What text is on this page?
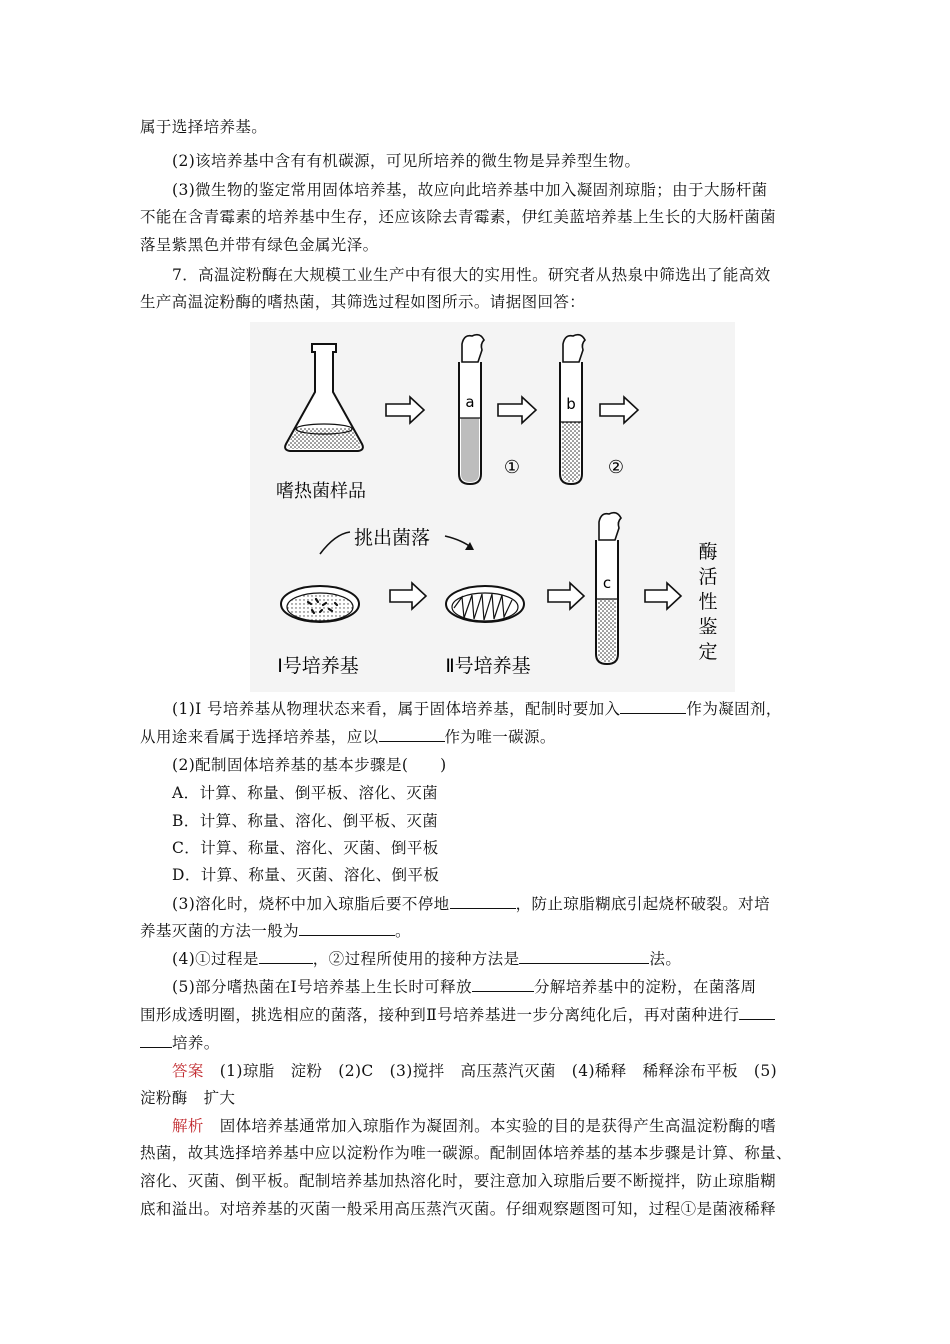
属于选择培养基。
(2)该培养基中含有有机碳源，可见所培养的微生物是异养型生物。
(3)微生物的鉴定常用固体培养基，故应向此培养基中加入凝固剂琼脂；由于大肠杆菌
不能在含青霉素的培养基中生存，还应该除去青霉素，伊红美蓝培养基上生长的大肠杆菌菌
落呈紫黑色并带有绿色金属光泽。
7．高温淀粉酶在大规模工业生产中有很大的实用性。研究者从热泉中筛选出了能高效
生产高温淀粉酶的嗜热菌，其筛选过程如图所示。请据图回答：
嗜热菌样品
a
①
b
②
挑出菌落
Ⅰ号培养基	Ⅱ号培养基
c
酶
活
性
鉴
定
(1)Ⅰ 号培养基从物理状态来看，属于固体培养基，配制时要加入	作为凝固剂，
从用途来看属于选择培养基，应以	作为唯一碳源。
(2)配制固体培养基的基本步骤是(　　)
A．计算、称量、倒平板、溶化、灭菌
B．计算、称量、溶化、倒平板、灭菌
C．计算、称量、溶化、灭菌、倒平板
D．计算、称量、灭菌、溶化、倒平板
(3)溶化时，烧杯中加入琼脂后要不停地	，防止琼脂糊底引起烧杯破裂。对培
养基灭菌的方法一般为	。
(4)①过程是	，②过程所使用的接种方法是	法。
(5)部分嗜热菌在Ⅰ号培养基上生长时可释放	分解培养基中的淀粉，在菌落周
围形成透明圈，挑选相应的菌落，接种到Ⅱ号培养基进一步分离纯化后，再对菌种进行
培养。
答案　 (1)琼脂　淀粉　(2)C　(3)搅拌　高压蒸汽灭菌　(4)稀释　稀释涂布平板　(5)
淀粉酶　扩大
解析　 固体培养基通常加入琼脂作为凝固剂。本实验的目的是获得产生高温淀粉酶的嗜
热菌，故其选择培养基中应以淀粉作为唯一碳源。配制固体培养基的基本步骤是计算、称量、
溶化、灭菌、倒平板。配制培养基加热溶化时，要注意加入琼脂后要不断搅拌，防止琼脂糊
底和溢出。对培养基的灭菌一般采用高压蒸汽灭菌。仔细观察题图可知，过程①是菌液稀释
